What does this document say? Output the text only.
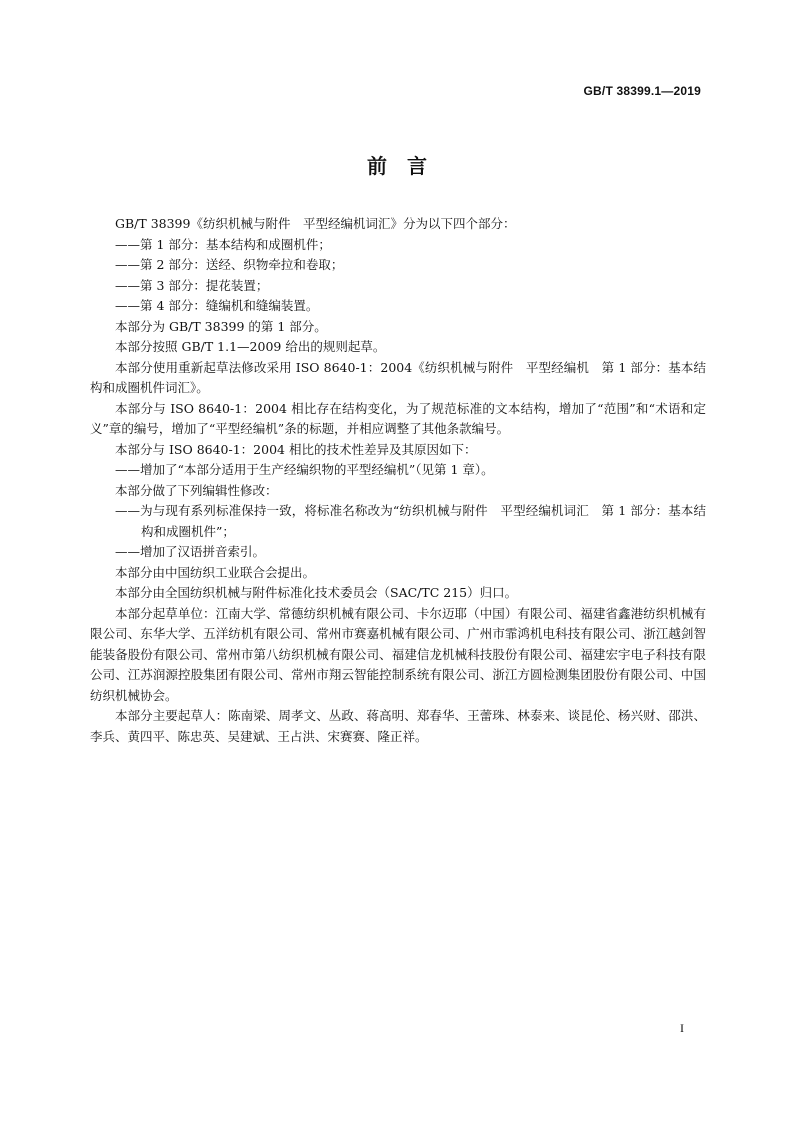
GB/T 38399.1—2019
前　言

GB/T 38399《纺织机械与附件　平型经编机词汇》分为以下四个部分：

——第 1 部分：基本结构和成圈机件；

——第 2 部分：送经、织物牵拉和卷取；

——第 3 部分：提花装置；

——第 4 部分：缝编机和缝编装置。

本部分为 GB/T 38399 的第 1 部分。

本部分按照 GB/T 1.1—2009 给出的规则起草。

本部分使用重新起草法修改采用 ISO 8640-1：2004《纺织机械与附件　平型经编机　第 1 部分：基本结构和成圈机件词汇》。

本部分与 ISO 8640-1：2004 相比存在结构变化，为了规范标准的文本结构，增加了“范围”和“术语和定义”章的编号，增加了“平型经编机”条的标题，并相应调整了其他条款编号。

本部分与 ISO 8640-1：2004 相比的技术性差异及其原因如下：

——增加了“本部分适用于生产经编织物的平型经编机”（见第 1 章）。

本部分做了下列编辑性修改：

——为与现有系列标准保持一致，将标准名称改为“纺织机械与附件　平型经编机词汇　第 1 部分：基本结构和成圈机件”；

——增加了汉语拼音索引。

本部分由中国纺织工业联合会提出。

本部分由全国纺织机械与附件标准化技术委员会（SAC/TC 215）归口。

本部分起草单位：江南大学、常德纺织机械有限公司、卡尔迈耶（中国）有限公司、福建省鑫港纺织机械有限公司、东华大学、五洋纺机有限公司、常州市赛嘉机械有限公司、广州市霏鸿机电科技有限公司、浙江越剑智能装备股份有限公司、常州市第八纺织机械有限公司、福建信龙机械科技股份有限公司、福建宏宇电子科技有限公司、江苏润源控股集团有限公司、常州市翔云智能控制系统有限公司、浙江方圆检测集团股份有限公司、中国纺织机械协会。

本部分主要起草人：陈南梁、周孝文、丛政、蒋高明、郑春华、王蕾珠、林泰来、谈昆伦、杨兴财、邵洪、李兵、黄四平、陈忠英、吴建斌、王占洪、宋赛赛、隆正祥。

I
